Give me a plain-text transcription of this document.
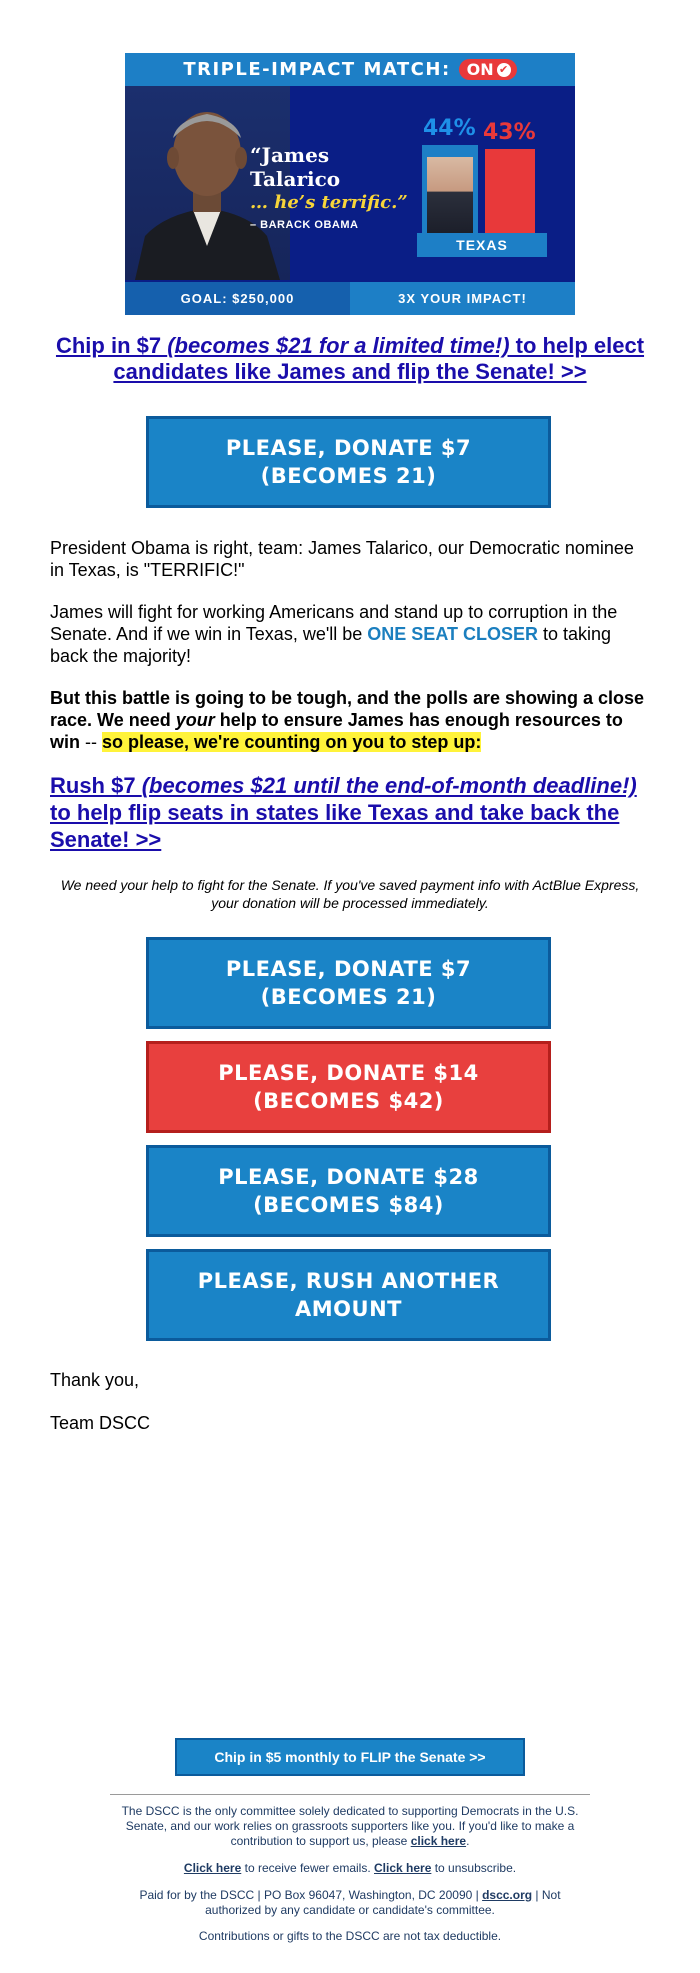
TRIPLE-IMPACT MATCH: ON ✔
“James Talarico
… he’s terrific.”
– BARACK OBAMA
44% 43%
TEXAS
GOAL: $250,000	3X YOUR IMPACT!
Chip in $7 (becomes $21 for a limited time!) to help elect candidates like James and flip the Senate! >>
PLEASE, DONATE $7
(BECOMES 21)
President Obama is right, team: James Talarico, our Democratic nominee in Texas, is "TERRIFIC!"
James will fight for working Americans and stand up to corruption in the Senate. And if we win in Texas, we'll be ONE SEAT CLOSER to taking back the majority!
But this battle is going to be tough, and the polls are showing a close race. We need your help to ensure James has enough resources to win -- so please, we're counting on you to step up:
Rush $7 (becomes $21 until the end-of-month deadline!) to help flip seats in states like Texas and take back the Senate! >>
We need your help to fight for the Senate. If you've saved payment info with ActBlue Express, your donation will be processed immediately.
PLEASE, DONATE $7
(BECOMES 21)
PLEASE, DONATE $14
(BECOMES $42)
PLEASE, DONATE $28
(BECOMES $84)
PLEASE, RUSH ANOTHER
AMOUNT
Thank you,
Team DSCC
Chip in $5 monthly to FLIP the Senate >>
The DSCC is the only committee solely dedicated to supporting Democrats in the U.S. Senate, and our work relies on grassroots supporters like you. If you'd like to make a contribution to support us, please click here.
Click here to receive fewer emails. Click here to unsubscribe.
Paid for by the DSCC | PO Box 96047, Washington, DC 20090 | dscc.org | Not authorized by any candidate or candidate's committee.
Contributions or gifts to the DSCC are not tax deductible.
